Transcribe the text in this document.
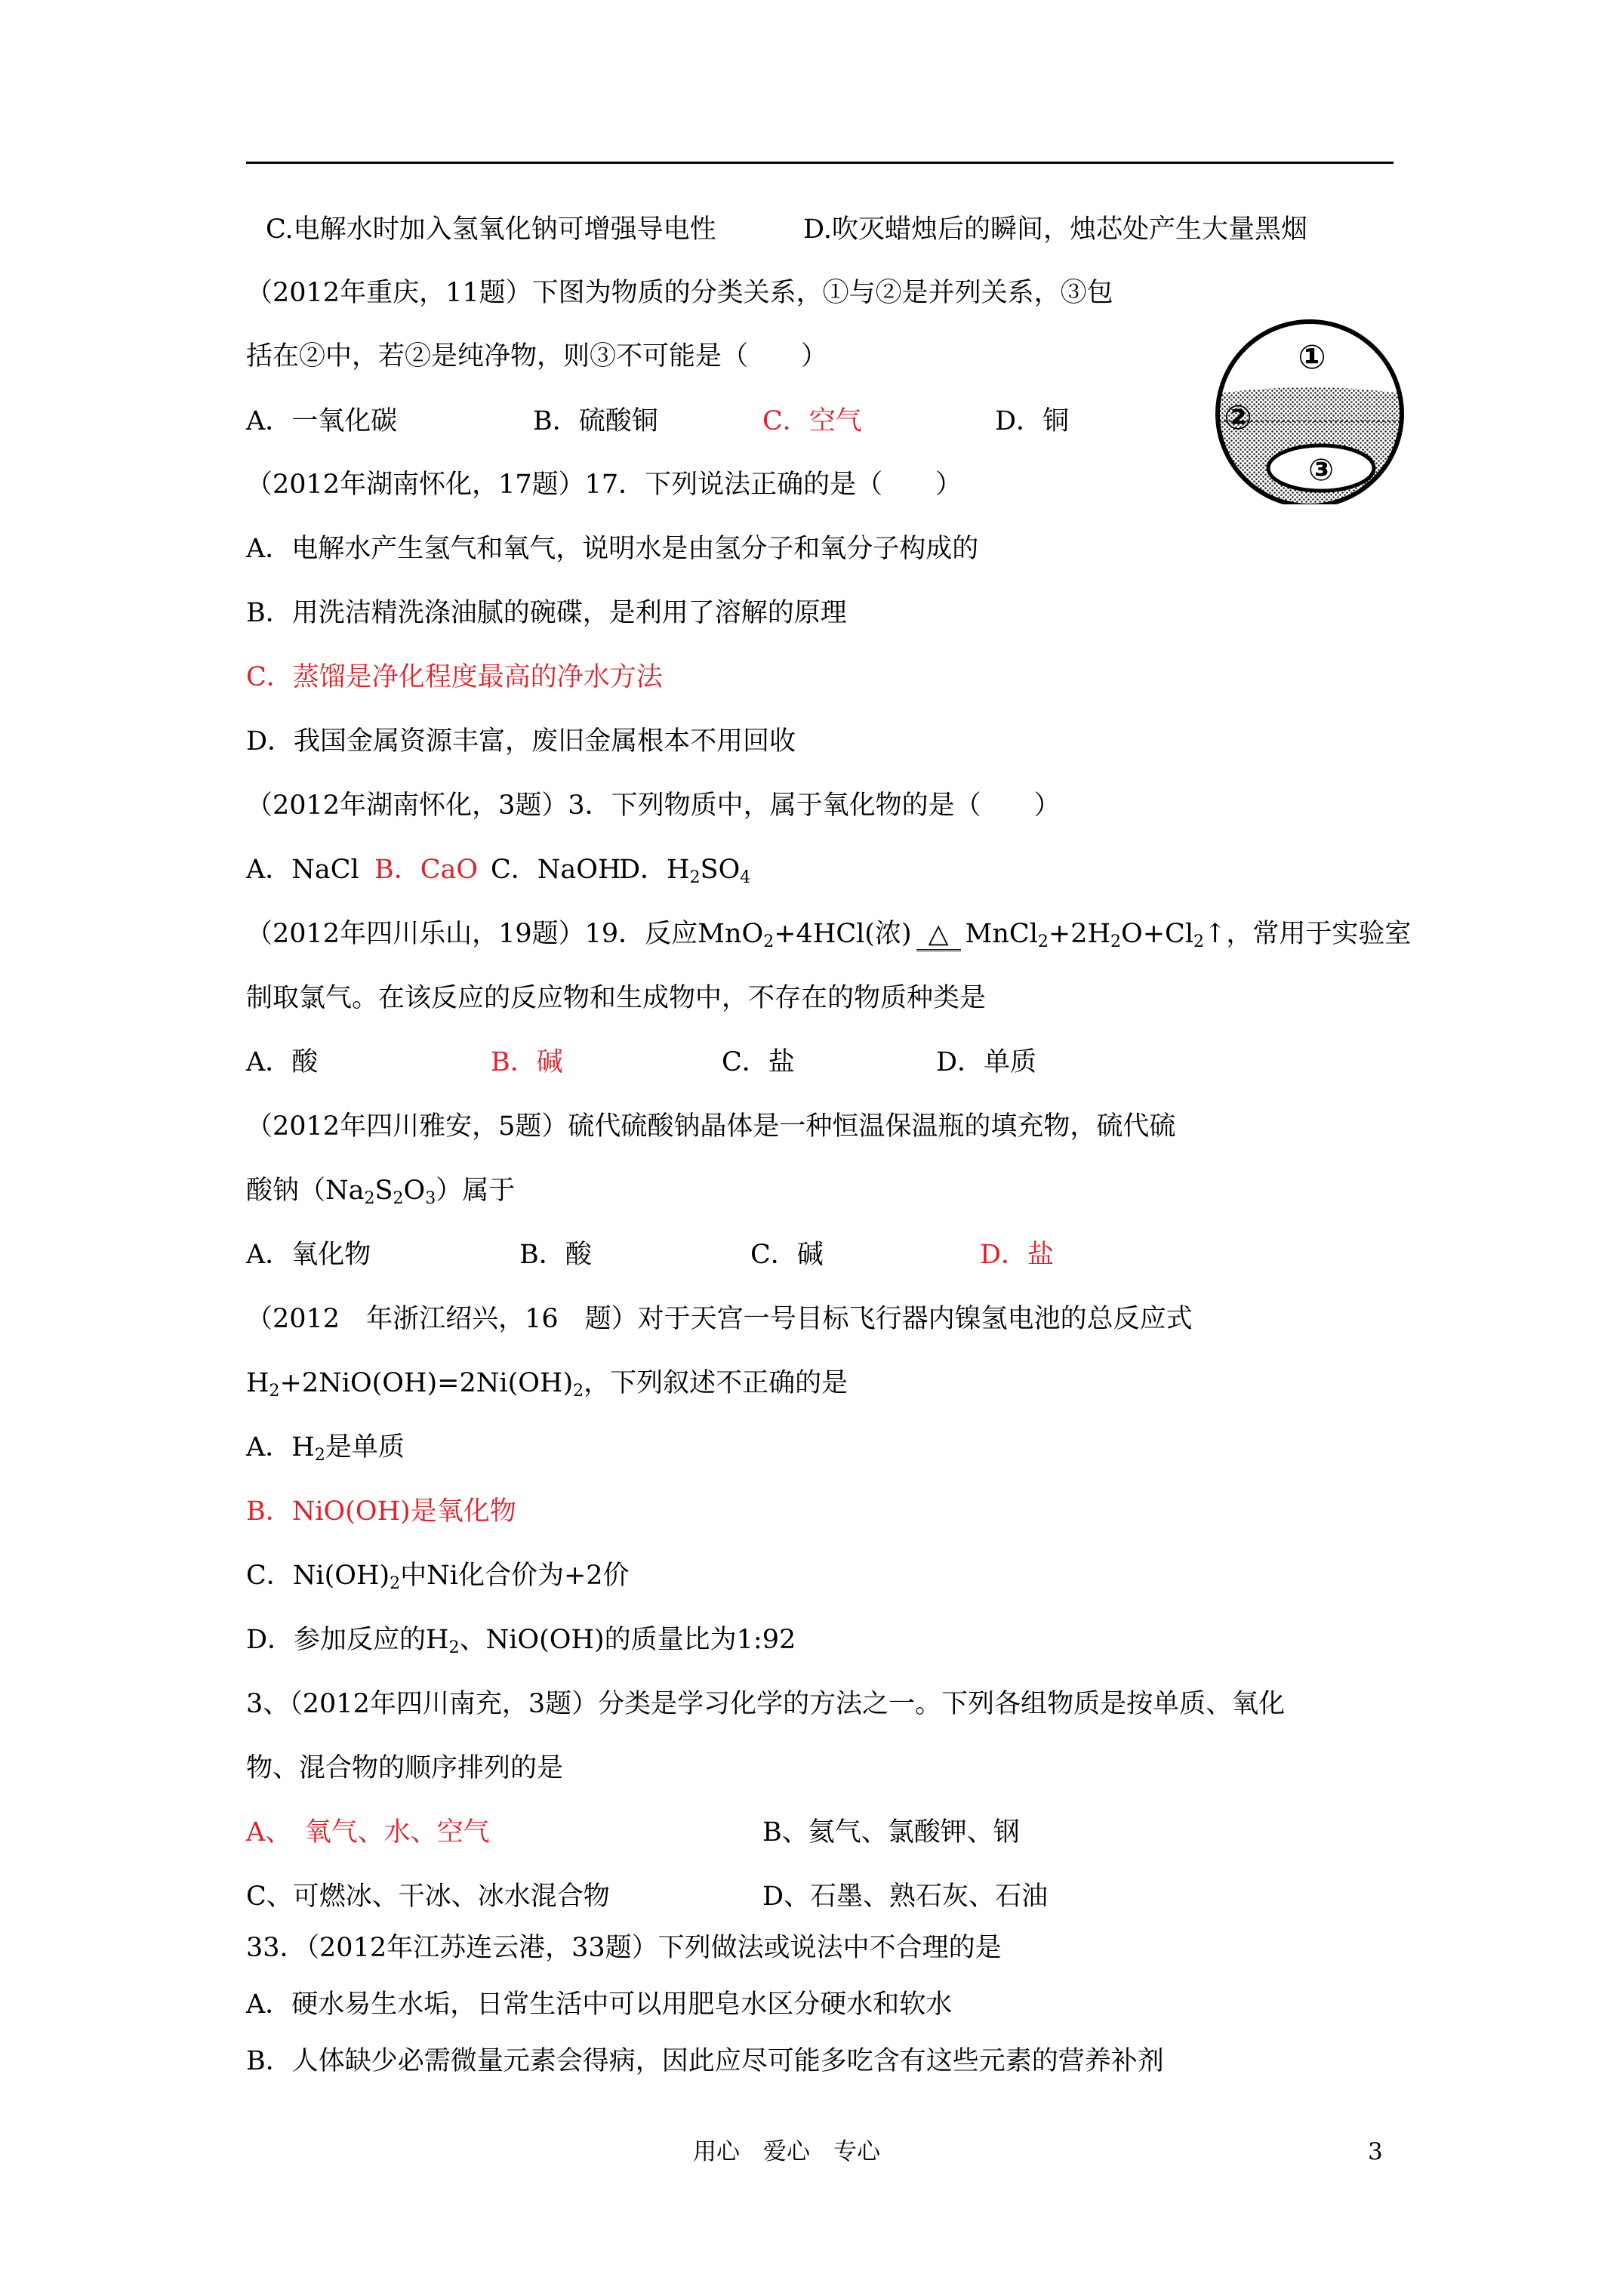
C.电解水时加入氢氧化钠可增强导电性	D.吹灭蜡烛后的瞬间，烛芯处产生大量黑烟
（2012年重庆，11题）下图为物质的分类关系，①与②是并列关系，③包
括在②中，若②是纯净物，则③不可能是（　　）
A．一氧化碳	B．硫酸铜	C．空气	D．铜
①
②
③
（2012年湖南怀化，17题）17．下列说法正确的是（　　）
A．电解水产生氢气和氧气，说明水是由氢分子和氧分子构成的
B．用洗洁精洗涤油腻的碗碟，是利用了溶解的原理
C．蒸馏是净化程度最高的净水方法
D．我国金属资源丰富，废旧金属根本不用回收
（2012年湖南怀化，3题）3．下列物质中，属于氧化物的是（　　）
A．NaCl B．CaO C．NaOH
D．$H_2SO_4$
（2012年四川乐山，19题）19．反应MnO$_2$+4HCl(浓) △ $MnCl_2+2H_2O+Cl_2↑$，常用于实验室
制取氯气。在该反应的反应物和生成物中，不存在的物质种类是
A．酸	B．碱	C．盐	D．单质
（2012年四川雅安，5题）硫代硫酸钠晶体是一种恒温保温瓶的填充物，硫代硫
酸钠$(Na_2S_2O_3)$属于
A．氧化物	B．酸	C．碱	D．盐
（2012　年浙江绍兴，16　题）对于天宫一号目标飞行器内镍氢电池的总反应式
$H_2+2NiO(OH)=2Ni(OH)_2$，下列叙述不正确的是
A．$H_2$是单质
B．NiO(OH)是氧化物
C．$Ni(OH)_2$中Ni化合价为+2价
D．参加反应的$H_2$、NiO(OH)的质量比为1:92
3、（2012年四川南充，3题）分类是学习化学的方法之一。下列各组物质是按单质、氧化
物、混合物的顺序排列的是
A、　氧气、水、空气	B、氦气、氯酸钾、钢
C、可燃冰、干冰、冰水混合物	D、石墨、熟石灰、石油
33．（2012年江苏连云港，33题）下列做法或说法中不合理的是
A．硬水易生水垢，日常生活中可以用肥皂水区分硬水和软水
B．人体缺少必需微量元素会得病，因此应尽可能多吃含有这些元素的营养补剂
用心　爱心　专心	3
